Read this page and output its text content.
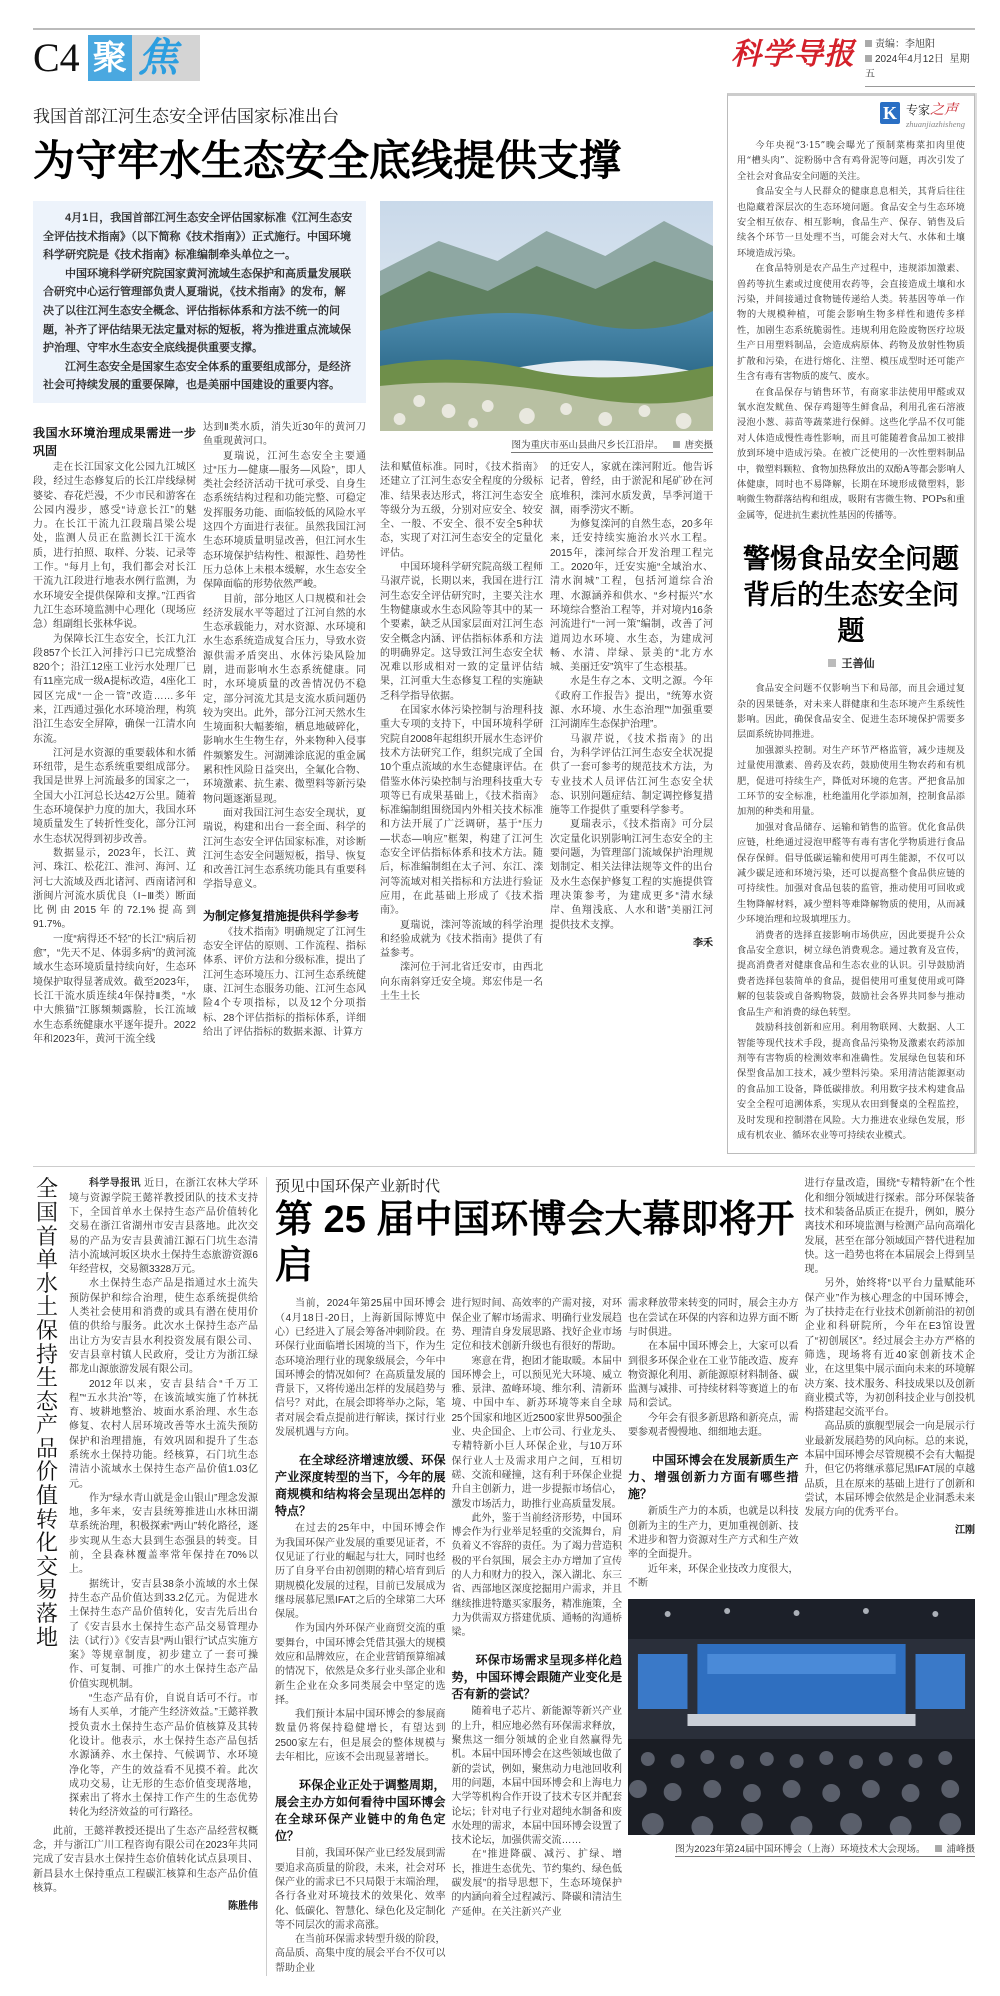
C4 聚 焦	科学导报	责编：李旭阳
2024年4月12日 星期五
我国首部江河生态安全评估国家标准出台
为守牢水生态安全底线提供支撑

4月1日，我国首部江河生态安全评估国家标准《江河生态安全评估技术指南》（以下简称《技术指南》）正式施行。中国环境科学研究院是《技术指南》标准编制牵头单位之一。

中国环境科学研究院国家黄河流域生态保护和高质量发展联合研究中心运行管理部负责人夏瑞说，《技术指南》的发布，解决了以往江河生态安全概念、评估指标体系和方法不统一的问题，补齐了评估结果无法定量对标的短板，将为推进重点流域保护治理、守牢水生态安全底线提供重要支撑。

江河生态安全是国家生态安全体系的重要组成部分，是经济社会可持续发展的重要保障，也是美丽中国建设的重要内容。

我国水环境治理成果需进一步巩固

走在长江国家文化公园九江城区段，经过生态修复后的长江岸线绿树婆娑、春花烂漫，不少市民和游客在公园内漫步，感受“诗意长江”的魅力。在长江干流九江段瑞昌梁公堤处，监测人员正在监测长江干流水质，进行拍照、取样、分装、记录等工作。“每月上旬，我们都会对长江干流九江段进行地表水例行监测，为水环境安全提供保障和支撑。”江西省九江生态环境监测中心理化（现场应急）组副组长张林华说。

为保障长江生态安全，长江九江段857个长江入河排污口已完成整治820个；沿江12座工业污水处理厂已有11座完成一级A提标改造，4座化工园区完成“一企一管”改造……多年来，江西通过强化水环境治理，构筑沿江生态安全屏障，确保一江清水向东流。

江河是水资源的重要载体和水循环纽带，是生态系统重要组成部分。我国是世界上河流最多的国家之一，全国大小江河总长达42万公里。随着生态环境保护力度的加大，我国水环境质量发生了转折性变化，部分江河水生态状况得到初步改善。

数据显示，2023年，长江、黄河、珠江、松花江、淮河、海河、辽河七大流域及西北诸河、西南诸河和浙闽片河流水质优良（Ⅰ~Ⅲ类）断面比例由2015年的72.1%提高到91.7%。

一度“病得还不轻”的长江“病后初愈”，“先天不足、体弱多病”的黄河流域水生态环境质量持续向好，生态环境保护取得显著成效。截至2023年，长江干流水质连续4年保持Ⅱ类，“水中大熊猫”江豚频频露脸，长江流域水生态系统健康水平逐年提升。2022年和2023年，黄河干流全线

达到Ⅱ类水质，消失近30年的黄河刀鱼重现黄河口。

夏瑞说，江河生态安全主要通过“压力—健康—服务—风险”，即人类社会经济活动干扰可承受、自身生态系统结构过程和功能完整、可稳定发挥服务功能、面临较低的风险水平这四个方面进行表征。虽然我国江河生态环境质量明显改善，但江河水生态环境保护结构性、根源性、趋势性压力总体上未根本缓解，水生态安全保障面临的形势依然严峻。

目前，部分地区人口规模和社会经济发展水平等超过了江河自然的水生态承载能力，对水资源、水环境和水生态系统造成复合压力，导致水资源供需矛盾突出、水体污染风险加剧，进而影响水生态系统健康。同时，水环境质量的改善情况仍不稳定，部分河流尤其是支流水质问题仍较为突出。此外，部分江河天然水生生境面积大幅萎缩，栖息地破碎化，影响水生生物生存，外来物种入侵事件频繁发生。河湖滩涂底泥的重金属累积性风险日益突出，全氟化合物、环境激素、抗生素、微塑料等新污染物问题逐渐显现。

面对我国江河生态安全现状，夏瑞说，构建和出台一套全面、科学的江河生态安全评估国家标准，对诊断江河生态安全问题短板，指导、恢复和改善江河生态系统功能具有重要科学指导意义。

为制定修复措施提供科学参考

《技术指南》明确规定了江河生态安全评估的原则、工作流程、指标体系、评价方法和分级标准，提出了江河生态环境压力、江河生态系统健康、江河生态服务功能、江河生态风险4个专项指标，以及12个分项指标、28个评估指标的指标体系，详细给出了评估指标的数据来源、计算方

图为重庆市巫山县曲尺乡长江沿岸。 唐奕摄

法和赋值标准。同时，《技术指南》还建立了江河生态安全程度的分级标准、结果表达形式，将江河生态安全等级分为五级，分别对应安全、较安全、一般、不安全、很不安全5种状态，实现了对江河生态安全的定量化评估。

中国环境科学研究院高级工程师马淑芹说，长期以来，我国在进行江河生态安全评估研究时，主要关注水生物健康或水生态风险等其中的某一个要素，缺乏从国家层面对江河生态安全概念内涵、评估指标体系和方法的明确界定。这导致江河生态安全状况难以形成相对一致的定量评估结果，江河重大生态修复工程的实施缺乏科学指导依据。

在国家水体污染控制与治理科技重大专项的支持下，中国环境科学研究院自2008年起组织开展水生态评价技术方法研究工作，组织完成了全国10个重点流域的水生态健康评估。在借鉴水体污染控制与治理科技重大专项等已有成果基础上，《技术指南》标准编制组围绕国内外相关技术标准和方法开展了广泛调研，基于“压力—状态—响应”框架，构建了江河生态安全评估指标体系和技术方法。随后，标准编制组在太子河、东江、滦河等流域对相关指标和方法进行验证应用，在此基础上形成了《技术指南》。

夏瑞说，滦河等流域的科学治理和经验成就为《技术指南》提供了有益参考。

滦河位于河北省迁安市，由西北向东南斜穿迁安全境。郑宏伟是一名土生土长

的迁安人，家就在滦河附近。他告诉记者，曾经，由于淤泥和尾矿砂在河底堆积，滦河水质发黄，旱季河道干涸，雨季涝灾不断。

为修复滦河的自然生态，20多年来，迁安持续实施治水兴水工程。2015年，滦河综合开发治理工程完工。2020年，迁安实施“全域治水、清水润城”工程，包括河道综合治理、水源涵养和供水、“乡村振兴”水环境综合整治工程等，并对境内16条河流进行“一河一策”编制，改善了河道周边水环境、水生态，为建成河畅、水清、岸绿、景美的“北方水城、美丽迁安”筑牢了生态根基。

水是生存之本、文明之源。今年《政府工作报告》提出，“统筹水资源、水环境、水生态治理”“加强重要江河湖库生态保护治理”。

马淑芹说，《技术指南》的出台，为科学评估江河生态安全状况提供了一套可参考的规范技术方法，为专业技术人员评估江河生态安全状态、识别问题症结、制定调控修复措施等工作提供了重要科学参考。

夏瑞表示，《技术指南》可分层次定量化识别影响江河生态安全的主要问题，为管理部门流域保护治理规划制定、相关法律法规等文件的出台及水生态保护修复工程的实施提供管理决策参考，为建成更多“清水绿岸、鱼翔浅底、人水和谐”美丽江河提供技术支撑。

李禾
K 专家之声
zhuanjiazhisheng

今年央视“3·15”晚会曝光了预制菜梅菜扣肉里使用“槽头肉”、淀粉肠中含有鸡骨泥等问题，再次引发了全社会对食品安全问题的关注。

食品安全与人民群众的健康息息相关，其背后往往也隐藏着深层次的生态环境问题。食品安全与生态环境安全相互依存、相互影响，食品生产、保存、销售及后续各个环节一旦处理不当，可能会对大气、水体和土壤环境造成污染。

在食品特别是农产品生产过程中，违规添加激素、兽药等抗生素或过度使用农药等，会直接造成土壤和水污染，并间接通过食物链传递给人类。转基因等单一作物的大规模种植，可能会影响生物多样性和遗传多样性，加剧生态系统脆弱性。违规利用危险废物医疗垃圾生产日用塑料制品，会造成病原体、药物及放射性物质扩散和污染，在进行熔化、注塑、模压成型时还可能产生含有毒有害物质的废气、废水。

在食品保存与销售环节，有商家非法使用甲醛或双氧水泡发鱿鱼、保存鸡翅等生鲜食品，利用孔雀石溶液浸泡小葱、蒜苗等蔬菜进行保鲜。这些化学品不仅可能对人体造成慢性毒性影响，而且可能随着食品加工被排放到环境中造成污染。在被广泛使用的一次性塑料制品中，微塑料颗粒、食物加热释放出的双酚A等都会影响人体健康，同时也不易降解，长期在环境形成微塑料，影响微生物群落结构和组成，吸附有害微生物、POPs和重金属等，促进抗生素抗性基因的传播等。

警惕食品安全问题
背后的生态安全问题
王善仙

食品安全问题不仅影响当下和局部，而且会通过复杂的因果链条，对未来人群健康和生态环境产生系统性影响。因此，确保食品安全、促进生态环境保护需要多层面系统协同推进。

加强源头控制。对生产环节严格监管，减少违规及过量使用激素、兽药及农药，鼓励使用生物农药和有机肥，促进可持续生产，降低对环境的危害。严把食品加工环节的安全标准，杜绝滥用化学添加剂，控制食品添加剂的种类和用量。

加强对食品储存、运输和销售的监管。优化食品供应链，杜绝通过浸泡甲醛等有毒有害化学物质进行食品保存保鲜。倡导低碳运输和使用可再生能源，不仅可以减少碳足迹和环境污染，还可以提高整个食品供应链的可持续性。加强对食品包装的监管，推动使用可回收或生物降解材料，减少塑料等难降解物质的使用，从而减少环境治理和垃圾填埋压力。

消费者的选择直接影响市场供应，因此要提升公众食品安全意识，树立绿色消费观念。通过教育及宣传，提高消费者对健康食品和生态农业的认识。引导鼓励消费者选择包装简单的食品，提倡使用可重复使用或可降解的包装袋或自备购物袋，鼓励社会各界共同参与推动食品生产和消费的绿色转型。

鼓励科技创新和应用。利用物联网、大数据、人工智能等现代技术手段，提高食品污染物及激素农药添加剂等有害物质的检测效率和准确性。发展绿色包装和环保型食品加工技术，减少塑料污染。采用清洁能源驱动的食品加工设备，降低碳排放。利用数字技术构建食品安全全程可追溯体系，实现从农田到餐桌的全程监控，及时发现和控制潜在风险。大力推进农业绿色发展，形成有机农业、循环农业等可持续农业模式。

全国首单水土保持生态产品价值转化交易落地

科学导报讯 近日，在浙江农林大学环境与资源学院王懿祥教授团队的技术支持下，全国首单水土保持生态产品价值转化交易在浙江省湖州市安吉县落地。此次交易的产品为安吉县黄浦江源石门坑生态清洁小流域河坂区块水土保持生态旅游资源6年经营权，交易额3328万元。

水土保持生态产品是指通过水土流失预防保护和综合治理，使生态系统提供给人类社会使用和消费的或具有潜在使用价值的供给与服务。此次水土保持生态产品出让方为安吉县水利投资发展有限公司、安吉县章村镇人民政府，受让方为浙江绿都龙山源旅游发展有限公司。

2012年以来，安吉县结合“千万工程”“五水共治”等，在该流域实施了竹林抚育、坡耕地整治、坡面水系治理、水生态修复、农村人居环境改善等水土流失预防保护和治理措施，有效巩固和提升了生态系统水土保持功能。经核算，石门坑生态清洁小流域水土保持生态产品价值1.03亿元。

作为“绿水青山就是金山银山”理念发源地，多年来，安吉县统筹推进山水林田湖草系统治理，积极探索“两山”转化路径，逐步实现从生态大县到生态强县的转变。目前，全县森林覆盖率常年保持在70%以上。

据统计，安吉县38条小流域的水土保持生态产品价值达到33.2亿元。为促进水土保持生态产品价值转化，安吉先后出台了《安吉县水土保持生态产品交易管理办法（试行）》《安吉县“两山银行”试点实施方案》等规章制度，初步建立了一套可操作、可复制、可推广的水土保持生态产品价值实现机制。

“生态产品有价，自说自话可不行。市场有人买单，才能产生经济效益。”王懿祥教授负责水土保持生态产品价值核算及其转化设计。他表示，水土保持生态产品包括水源涵养、水土保持、气候调节、水环境净化等，产生的效益看不见摸不着。此次成功交易，让无形的生态价值变现落地，探索出了将水土保持工作产生的生态优势转化为经济效益的可行路径。

此前，王懿祥教授还提出了生态产品经营权概念，并与浙江广川工程咨询有限公司在2023年共同完成了安吉县水土保持生态价值转化试点县项目、新昌县水土保持重点工程碳汇核算和生态产品价值核算。

陈胜伟
预见中国环保产业新时代
第 25 届中国环博会大幕即将开启

当前，2024年第25届中国环博会（4月18日-20日，上海新国际博览中心）已经进入了展会筹备冲刺阶段。在环保行业面临增长困境的当下，作为生态环境治理行业的现象级展会，今年中国环博会的情况如何？在高质量发展的背景下，又将传递出怎样的发展趋势与信号？对此，在展会即将举办之际，笔者对展会看点提前进行解读，探讨行业发展机遇与方向。

在全球经济增速放缓、环保产业深度转型的当下，今年的展商规模和结构将会呈现出怎样的特点？

在过去的25年中，中国环博会作为我国环保产业发展的重要见证者，不仅见证了行业的崛起与壮大，同时也经历了自身平台由初创期的精心培育到后期规模化发展的过程，目前已发展成为继母展慕尼黑IFAT之后的全球第二大环保展。

作为国内外环保产业商贸交流的重要舞台，中国环博会凭借其强大的规模效应和品牌效应，在企业营销预算缩减的情况下，依然是众多行业头部企业和新生企业在众多同类展会中坚定的选择。

我们预计本届中国环博会的参展商数量仍将保持稳健增长，有望达到2500家左右，但是展会的整体规模与去年相比，应该不会出现显著增长。

环保企业正处于调整周期，展会主办方如何看待中国环博会在全球环保产业链中的角色定位？

目前，我国环保产业已经发展到需要追求高质量的阶段，未来，社会对环保产业的需求已不只局限于末端治理，各行各业对环境技术的效果化、效率化、低碳化、智慧化、绿色化及定制化等不同层次的需求高涨。

在当前环保需求转型升级的阶段，高品质、高集中度的展会平台不仅可以帮助企业

进行短时间、高效率的产需对接，对环保企业了解市场需求、明确行业发展趋势、理清自身发展思路、找好企业市场定位和技术创新升级也有很好的帮助。

寒意在背，抱团才能取暖。本届中国环博会上，可以预见光大环境、威立雅、景津、盈峰环境、维尔利、清新环境、中国中车、新苏环境等来自全球25个国家和地区近2500家世界500强企业、央企国企、上市公司、行业龙头、专精特新小巨人环保企业，与10万环保行业人士及需求用户之间，互相切磋、交流和碰撞，这有利于环保企业提升自主创新力，进一步提振市场信心，激发市场活力，助推行业高质量发展。

此外，鉴于当前经济形势，中国环博会作为行业举足轻重的交流舞台，肩负着义不容辞的责任。为了竭力营造积极的平台氛围，展会主办方增加了宣传的人力和财力的投入，深入湖北、东三省、西部地区深度挖掘用户需求，并且继续推进特邀买家服务，精准施策，全力为供需双方搭建优质、通畅的沟通桥梁。

环保市场需求呈现多样化趋势，中国环博会跟随产业变化是否有新的尝试？

随着电子芯片、新能源等新兴产业的上升，相应地必然有环保需求释放，聚焦这一细分领域的企业自然赢得先机。本届中国环博会在这些领域也做了新的尝试，例如，聚焦动力电池回收利用的问题，本届中国环博会和上海电力大学等机构合作开设了技术专区并配套论坛；针对电子行业对超纯水制备和废水处理的需求，本届中国环博会设置了技术论坛，加强供需交流……

在“推进降碳、减污、扩绿、增长，推进生态优先、节约集约、绿色低碳发展”的指导思想下，生态环境保护的内涵向着全过程减污、降碳和清洁生产延伸。在关注新兴产业

需求释放带来转变的同时，展会主办方也在尝试在环保的内容和边界方面不断与时俱进。

在本届中国环博会上，大家可以看到很多环保企业在工业节能改造、废弃物资源化利用、新能源原材料制备、碳监测与减排、可持续材料等赛道上的布局和尝试。

今年会有很多新思路和新亮点，需要参观者慢慢地、细细地去逛。

中国环博会在发展新质生产力、增强创新力方面有哪些措施？

新质生产力的本质，也就是以科技创新为主的生产力，更加重视创新、技术进步和智力资源对生产方式和生产效率的全面提升。

近年来，环保企业技改力度很大，不断

进行存量改造，围绕“专精特新”在个性化和细分领域进行探索。部分环保装备技术和装备品质正在提升，例如，膜分离技术和环境监测与检测产品向高端化发展，甚至在部分领域国产替代进程加快。这一趋势也将在本届展会上得到呈现。

另外，始终将“以平台力量赋能环保产业”作为核心理念的中国环博会，为了扶持走在行业技术创新前沿的初创企业和科研院所，今年在E3馆设置了“初创展区”。经过展会主办方严格的筛选，现场将有近40家创新技术企业，在这里集中展示面向未来的环境解决方案、技术服务、科技成果以及创新商业模式等，为初创科技企业与创投机构搭建起交流平台。

高品质的旗舰型展会一向是展示行业最新发展趋势的风向标。总的来说，本届中国环博会尽管规模不会有大幅提升，但它仍将继承慕尼黑IFAT展的卓越品质，且在原来的基础上进行了创新和尝试，本届环博会依然是企业洞悉未来发展方向的优秀平台。

江刚
图为2023年第24届中国环博会（上海）环境技术大会现场。 浦峰摄
